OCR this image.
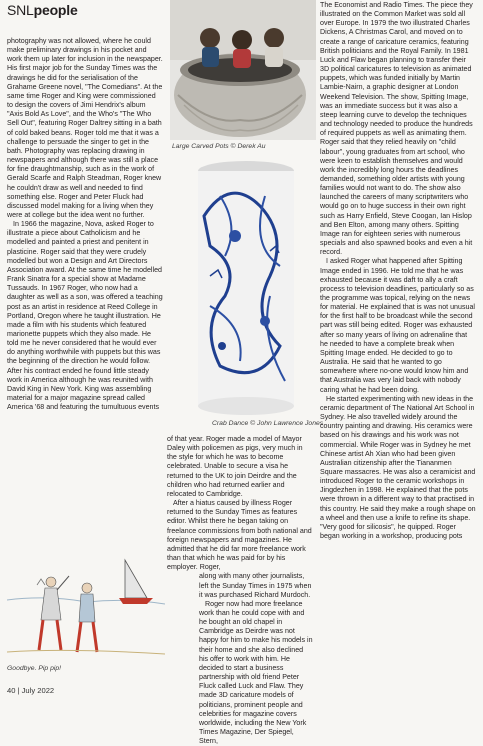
SNLpeople
Large Carved Pots © Derek Au
Crab Dance © John Lawrence Jones
Goodbye. Pip pip!

photography was not allowed, where he could make preliminary drawings in his pocket and work them up later for inclusion in the newspaper. His first major job for the Sunday Times was the drawings he did for the serialisation of the Grahame Greene novel, "The Comedians". At the same time Roger and King were commissioned to design the covers of Jimi Hendrix's album "Axis Bold As Love", and the Who's "The Who Sell Out", featuring Roger Daltrey sitting in a bath of cold baked beans. Roger told me that it was a challenge to persuade the singer to get in the bath. Photography was replacing drawing in newspapers and although there was still a place for fine draughtmanship, such as in the work of Gerald Scarfe and Ralph Steadman, Roger knew he couldn't draw as well and needed to find something else. Roger and Peter Fluck had discussed model making for a living when they were at college but the idea went no further.

In 1966 the magazine, Nova, asked Roger to illustrate a piece about Catholicism and he modelled and painted a priest and penitent in plasticine. Roger said that they were crudely modelled but won a Design and Art Directors Association award. At the same time he modelled Frank Sinatra for a special show at Madame Tussauds. In 1967 Roger, who now had a daughter as well as a son, was offered a teaching post as an artist in residence at Reed College in Portland, Oregon where he taught illustration. He made a film with his students which featured marionette puppets which they also made. He told me he never considered that he would ever do anything worthwhile with puppets but this was the beginning of the direction he would follow. After his contract ended he found little steady work in America although he was reunited with David King in New York. King was assembling material for a major magazine spread called America '68 and featuring the tumultuous events

of that year. Roger made a model of Mayor Daley with policemen as pigs, very much in the style for which he was to become celebrated. Unable to secure a visa he returned to the UK to join Deirdre and the children who had returned earlier and relocated to Cambridge.

After a hiatus caused by illness Roger returned to the Sunday Times as features editor. Whilst there he began taking on freelance commissions from both national and foreign newspapers and magazines. He admitted that he did far more freelance work than that which he was paid for by his employer. Roger,

along with many other journalists, left the Sunday Times in 1975 when it was purchased Richard Murdoch.

Roger now had more freelance work than he could cope with and he bought an old chapel in Cambridge as Deirdre was not happy for him to make his models in their home and she also declined his offer to work with him. He decided to start a business partnership with old friend Peter Fluck called Luck and Flaw. They made 3D caricature models of politicians, prominent people and celebrities for magazine covers worldwide, including the New York Times Magazine, Der Spiegel, Stern,

The Economist and Radio Times. The piece they illustrated on the Common Market was sold all over Europe. In 1979 the two illustrated Charles Dickens, A Christmas Carol, and moved on to create a range of caricature ceramics, featuring British politicians and the Royal Family. In 1981 Luck and Flaw began planning to transfer their 3D political caricatures to television as animated puppets, which was funded initially by Martin Lambie-Nairn, a graphic designer at London Weekend Television. The show, Spitting Image, was an immediate success but it was also a steep learning curve to develop the techniques and technology needed to produce the hundreds of required puppets as well as animating them. Roger said that they relied heavily on "child labour", young graduates from art school, who were keen to establish themselves and would work the incredibly long hours the deadlines demanded, something older artists with young families would not want to do. The show also launched the careers of many scriptwriters who would go on to huge success in their own right such as Harry Enfield, Steve Coogan, Ian Hislop and Ben Elton, among many others. Spitting Image ran for eighteen series with numerous specials and also spawned books and even a hit record.

I asked Roger what happened after Spitting Image ended in 1996. He told me that he was exhausted because it was daft to ally a craft process to television deadlines, particularly so as the programme was topical, relying on the news for material. He explained that is was not unusual for the first half to be broadcast while the second part was still being edited. Roger was exhausted after so many years of living on adrenaline that he needed to have a complete break when Spitting Image ended. He decided to go to Australia. He said that he wanted to go somewhere where no-one would know him and that Australia was very laid back with nobody caring what he had been doing.

He started experimenting with new ideas in the ceramic department of The National Art School in Sydney. He also travelled widely around the country painting and drawing. His ceramics were based on his drawings and his work was not commercial. While Roger was in Sydney he met Chinese artist Ah Xian who had been given Australian citizenship after the Tiananmen Square massacres. He was also a ceramicist and introduced Roger to the ceramic workshops in Jingdezhen in 1998. He explained that the pots were thrown in a different way to that practised in this country. He said they make a rough shape on a wheel and then use a knife to refine its shape. "Very good for silicosis", he quipped. Roger began working in a workshop, producing pots

40 | July 2022
